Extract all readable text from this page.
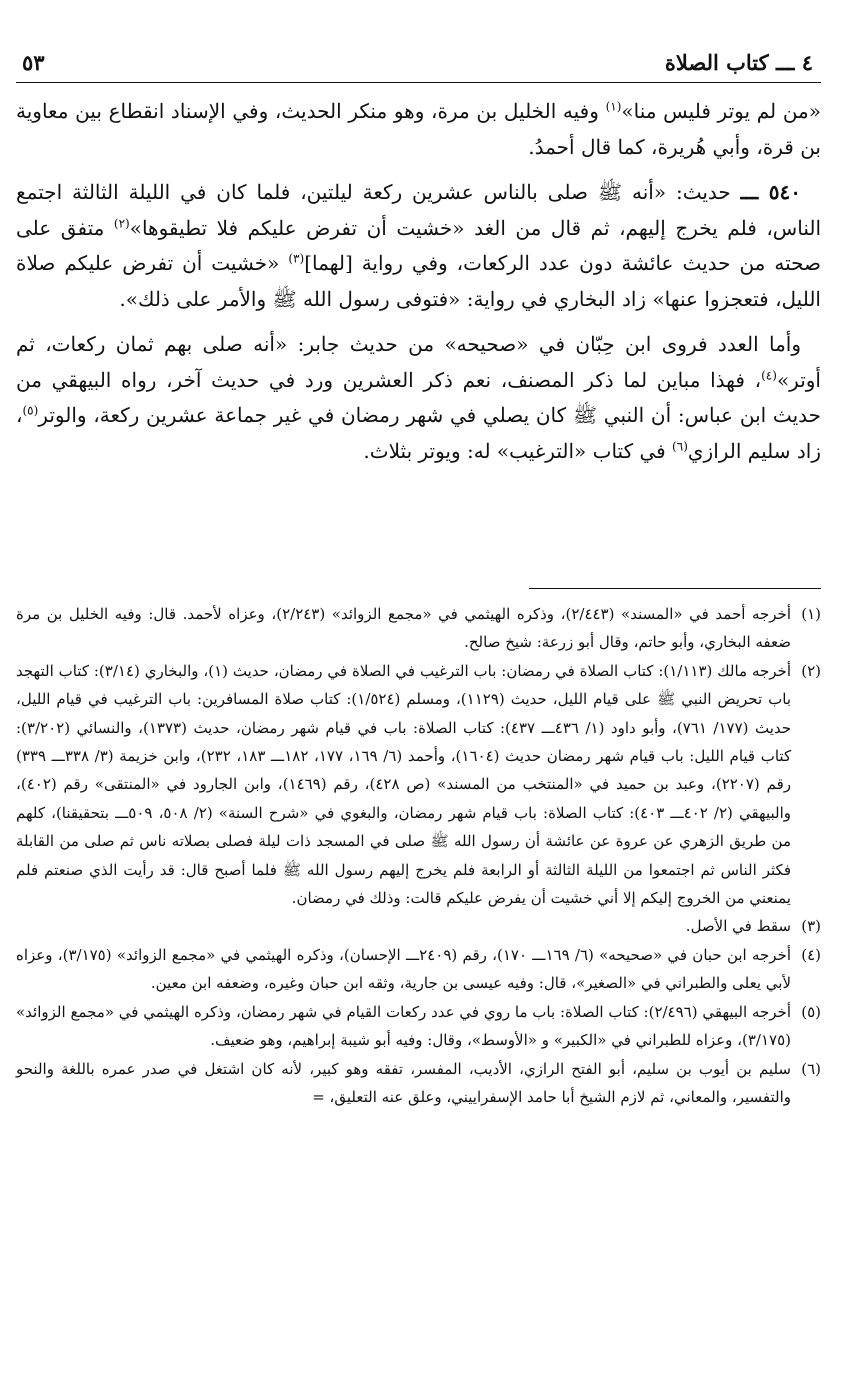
٤ ـــ كتاب الصلاة
٥٣

«من لم يوتر فليس منا»$^{(١)}$ وفيه الخليل بن مرة، وهو منكر الحديث، وفي الإسناد انقطاع بين معاوية بن قرة، وأبي هُريرة، كما قال أحمدُ.

٥٤٠ ـــ حديث: «أنه ﷺ صلى بالناس عشرين ركعة ليلتين، فلما كان في الليلة الثالثة اجتمع الناس، فلم يخرج إليهم، ثم قال من الغد «خشيت أن تفرض عليكم فلا تطيقوها»$^{(٢)}$ متفق على صحته من حديث عائشة دون عدد الركعات، وفي رواية [لهما]$^{(٣)}$ «خشيت أن تفرض عليكم صلاة الليل، فتعجزوا عنها» زاد البخاري في رواية: «فتوفى رسول الله ﷺ والأمر على ذلك».

وأما العدد فروى ابن حِبّان في «صحيحه» من حديث جابر: «أنه صلى بهم ثمان ركعات، ثم أوتر»$^{(٤)}$، فهذا مباين لما ذكر المصنف، نعم ذكر العشرين ورد في حديث آخر، رواه البيهقي من حديث ابن عباس: أن النبي ﷺ كان يصلي في شهر رمضان في غير جماعة عشرين ركعة، والوتر$^{(٥)}$، زاد سليم الرازي$^{(٦)}$ في كتاب «الترغيب» له: ويوتر بثلاث.

(١)
أخرجه أحمد في «المسند» (٢/٤٤٣)، وذكره الهيثمي في «مجمع الزوائد» (٢/٢٤٣)، وعزاه لأحمد. قال: وفيه الخليل بن مرة ضعفه البخاري، وأبو حاتم، وقال أبو زرعة: شيخ صالح.
(٢)
أخرجه مالك (١/١١٣): كتاب الصلاة في رمضان: باب الترغيب في الصلاة في رمضان، حديث (١)، والبخاري (٣/١٤): كتاب التهجد باب تحريض النبي ﷺ على قيام الليل، حديث (١١٢٩)، ومسلم (١/٥٢٤): كتاب صلاة المسافرين: باب الترغيب في قيام الليل، حديث (١٧٧/ ٧٦١)، وأبو داود (١/ ٤٣٦ـــ ٤٣٧): كتاب الصلاة: باب في قيام شهر رمضان، حديث (١٣٧٣)، والنسائي (٣/٢٠٢): كتاب قيام الليل: باب قيام شهر رمضان حديث (١٦٠٤)، وأحمد (٦/ ١٦٩، ١٧٧، ١٨٢ـــ ١٨٣، ٢٣٢)، وابن خزيمة (٣/ ٣٣٨ـــ ٣٣٩) رقم (٢٢٠٧)، وعبد بن حميد في «المنتخب من المسند» (ص ٤٢٨)، رقم (١٤٦٩)، وابن الجارود في «المنتقى» رقم (٤٠٢)، والبيهقي (٢/ ٤٠٢ـــ ٤٠٣): كتاب الصلاة: باب قيام شهر رمضان، والبغوي في «شرح السنة» (٢/ ٥٠٨، ٥٠٩ـــ بتحقيقنا)، كلهم من طريق الزهري عن عروة عن عائشة أن رسول الله ﷺ صلى في المسجد ذات ليلة فصلى بصلاته ناس ثم صلى من القابلة فكثر الناس ثم اجتمعوا من الليلة الثالثة أو الرابعة فلم يخرج إليهم رسول الله ﷺ فلما أصبح قال: قد رأيت الذي صنعتم فلم يمنعني من الخروج إليكم إلا أني خشيت أن يفرض عليكم قالت: وذلك في رمضان.
(٣)
سقط في الأصل.
(٤)
أخرجه ابن حبان في «صحيحه» (٦/ ١٦٩ـــ ١٧٠)، رقم (٢٤٠٩ـــ الإحسان)، وذكره الهيثمي في «مجمع الزوائد» (٣/١٧٥)، وعزاه لأبي يعلى والطبراني في «الصغير»، قال: وفيه عيسى بن جارية، وثقه ابن حبان وغيره، وضعفه ابن معين.
(٥)
أخرجه البيهقي (٢/٤٩٦): كتاب الصلاة: باب ما روي في عدد ركعات القيام في شهر رمضان، وذكره الهيثمي في «مجمع الزوائد» (٣/١٧٥)، وعزاه للطبراني في «الكبير» و «الأوسط»، وقال: وفيه أبو شيبة إبراهيم، وهو ضعيف.
(٦)
سليم بن أيوب بن سليم، أبو الفتح الرازي، الأديب، المفسر، تفقه وهو كبير، لأنه كان اشتغل في صدر عمره باللغة والنحو والتفسير، والمعاني، ثم لازم الشيخ أبا حامد الإسفراييني، وعلق عنه التعليق، =
